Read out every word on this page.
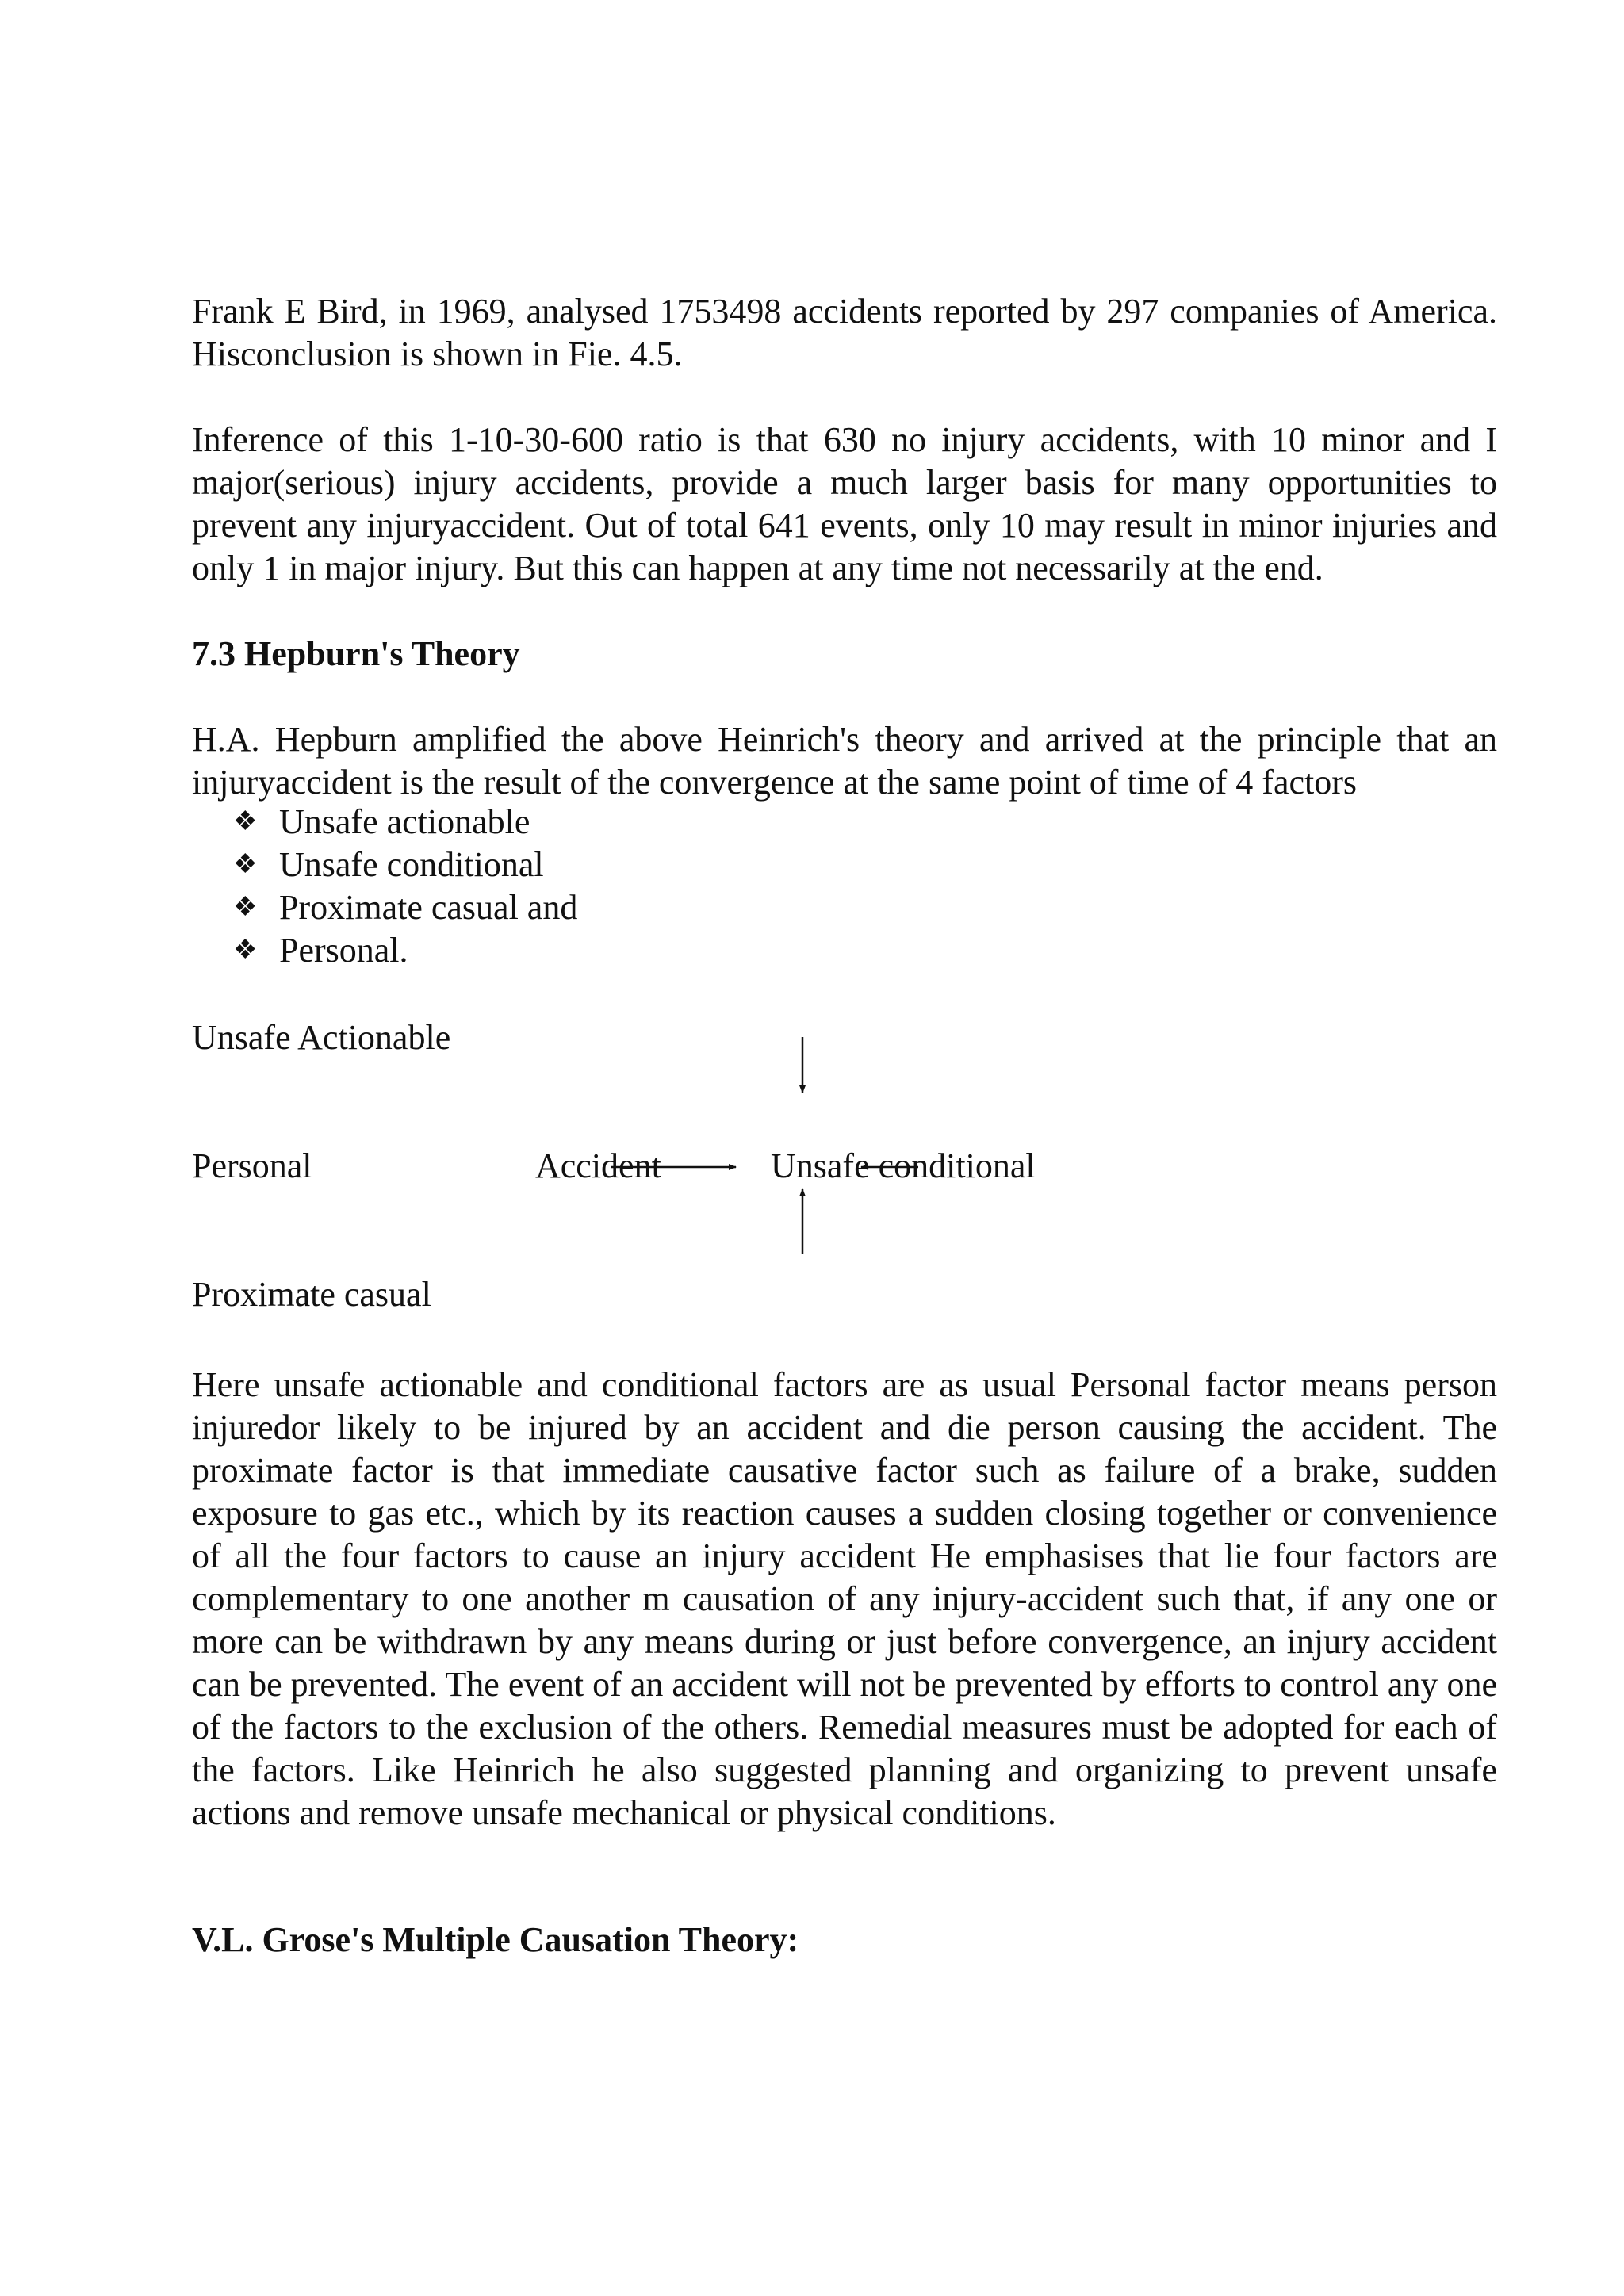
Frank E Bird, in 1969, analysed 1753498 accidents reported by 297 companies of America. Hisconclusion is shown in Fie. 4.5.

Inference of this 1-10-30-600 ratio is that 630 no injury accidents, with 10 minor and I major(serious) injury accidents, provide a much larger basis for many opportunities to prevent any injuryaccident. Out of total 641 events, only 10 may result in minor injuries and only 1 in major injury. But this can happen at any time not necessarily at the end.

7.3 Hepburn's Theory

H.A. Hepburn amplified the above Heinrich's theory and arrived at the principle that an injuryaccident is the result of the convergence at the same point of time of 4 factors

❖ Unsafe actionable
❖ Unsafe conditional
❖ Proximate casual and
❖ Personal.

Here unsafe actionable and conditional factors are as usual Personal factor means person injuredor likely to be injured by an accident and die person causing the accident. The proximate factor is that immediate causative factor such as failure of a brake, sudden exposure to gas etc., which by its reaction causes a sudden closing together or convenience of all the four factors to cause an injury accident He emphasises that lie four factors are complementary to one another m causation of any injury-accident such that, if any one or more can be withdrawn by any means during or just before convergence, an injury accident can be prevented. The event of an accident will not be prevented by efforts to control any one of the factors to the exclusion of the others. Remedial measures must be adopted for each of the factors. Like Heinrich he also suggested planning and organizing to prevent unsafe actions and remove unsafe mechanical or physical conditions.

V.L. Grose's Multiple Causation Theory:
Unsafe Actionable
Personal	Accident	Unsafe conditional
Proximate casual
